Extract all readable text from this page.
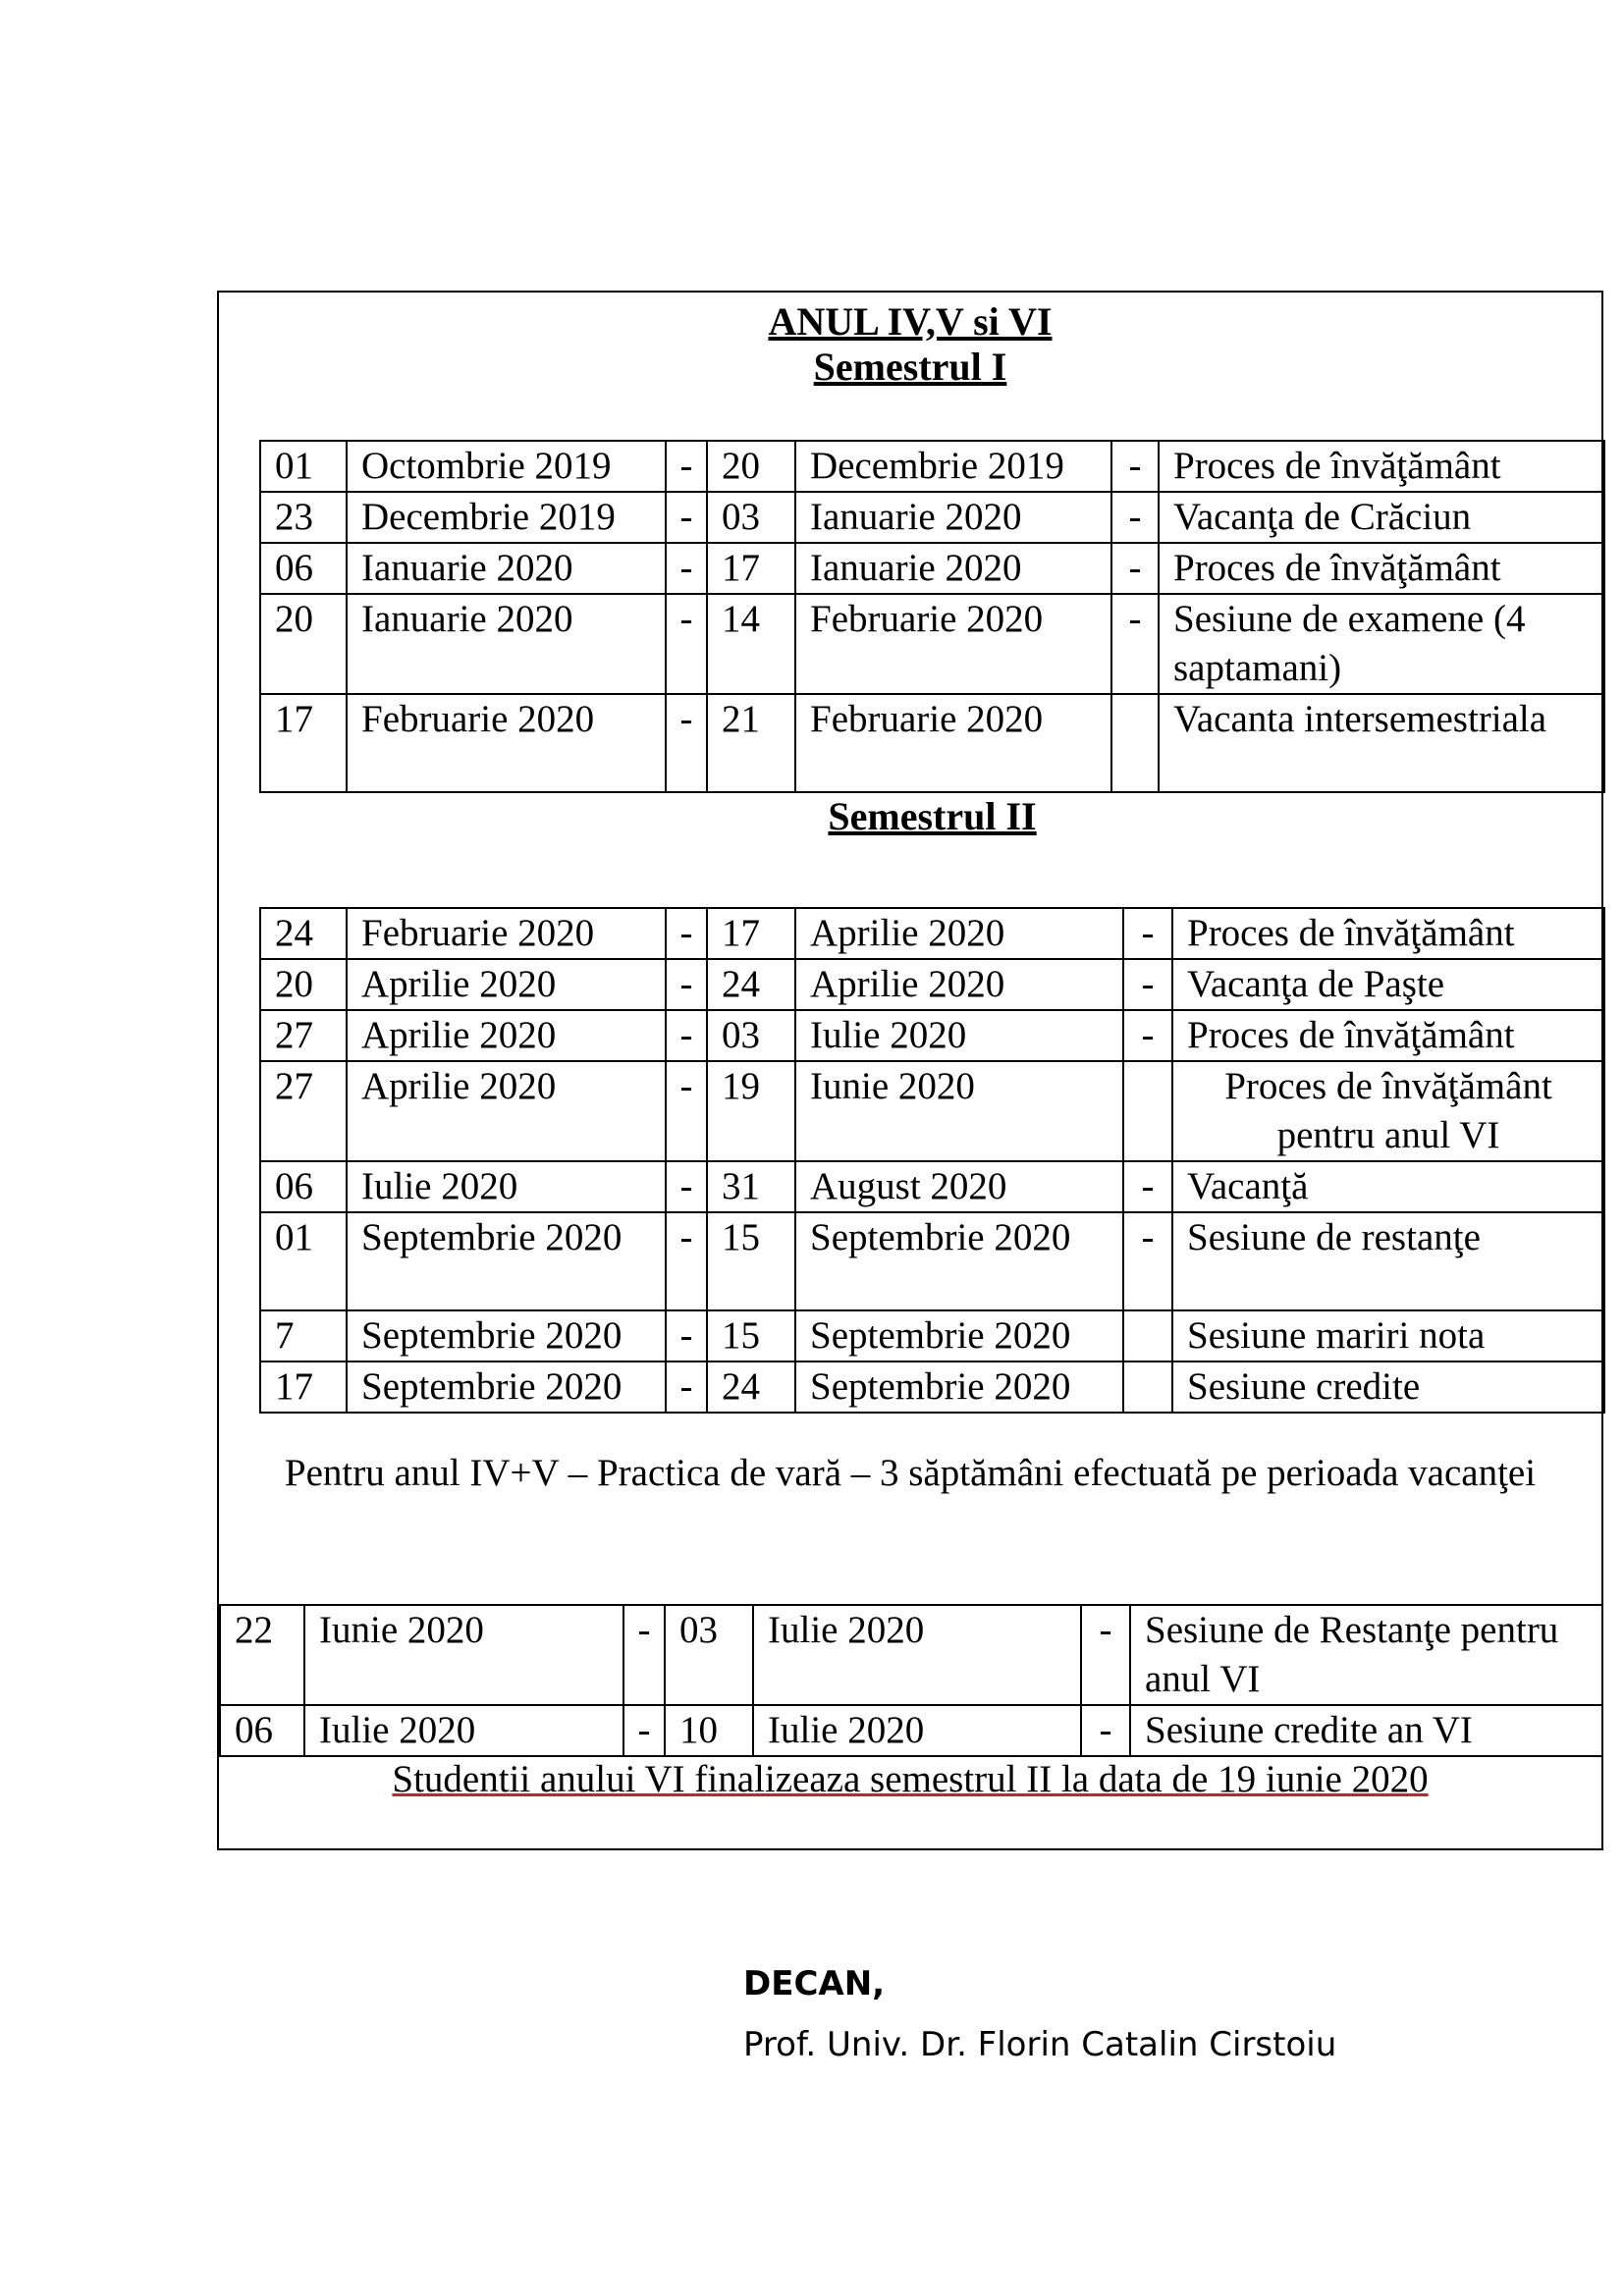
ANUL IV,V si VI
Semestrul I
01	Octombrie 2019	-	20	Decembrie 2019	-	Proces de învăţământ
23	Decembrie 2019	-	03	Ianuarie 2020	-	Vacanţa de Crăciun
06	Ianuarie 2020	-	17	Ianuarie 2020	-	Proces de învăţământ
20	Ianuarie 2020	-	14	Februarie 2020	-	Sesiune de examene (4 saptamani)
17	Februarie 2020	-	21	Februarie 2020		Vacanta intersemestriala
Semestrul II
24	Februarie 2020	-	17	Aprilie 2020	-	Proces de învăţământ
20	Aprilie 2020	-	24	Aprilie 2020	-	Vacanţa de Paşte
27	Aprilie 2020	-	03	Iulie 2020	-	Proces de învăţământ
27	Aprilie 2020	-	19	Iunie 2020		Proces de învăţământ pentru anul VI
06	Iulie 2020	-	31	August 2020	-	Vacanţă
01	Septembrie 2020	-	15	Septembrie 2020	-	Sesiune de restanţe
7	Septembrie 2020	-	15	Septembrie 2020		Sesiune mariri nota
17	Septembrie 2020	-	24	Septembrie 2020		Sesiune credite
Pentru anul IV+V – Practica de vară – 3 săptămâni efectuată pe perioada vacanţei
22	Iunie 2020	-	03	Iulie 2020	-	Sesiune de Restanţe pentru anul VI
06	Iulie 2020	-	10	Iulie 2020	-	Sesiune credite an VI
Studentii anului VI finalizeaza semestrul II la data de 19 iunie 2020
DECAN,
Prof. Univ. Dr. Florin Catalin Cirstoiu
